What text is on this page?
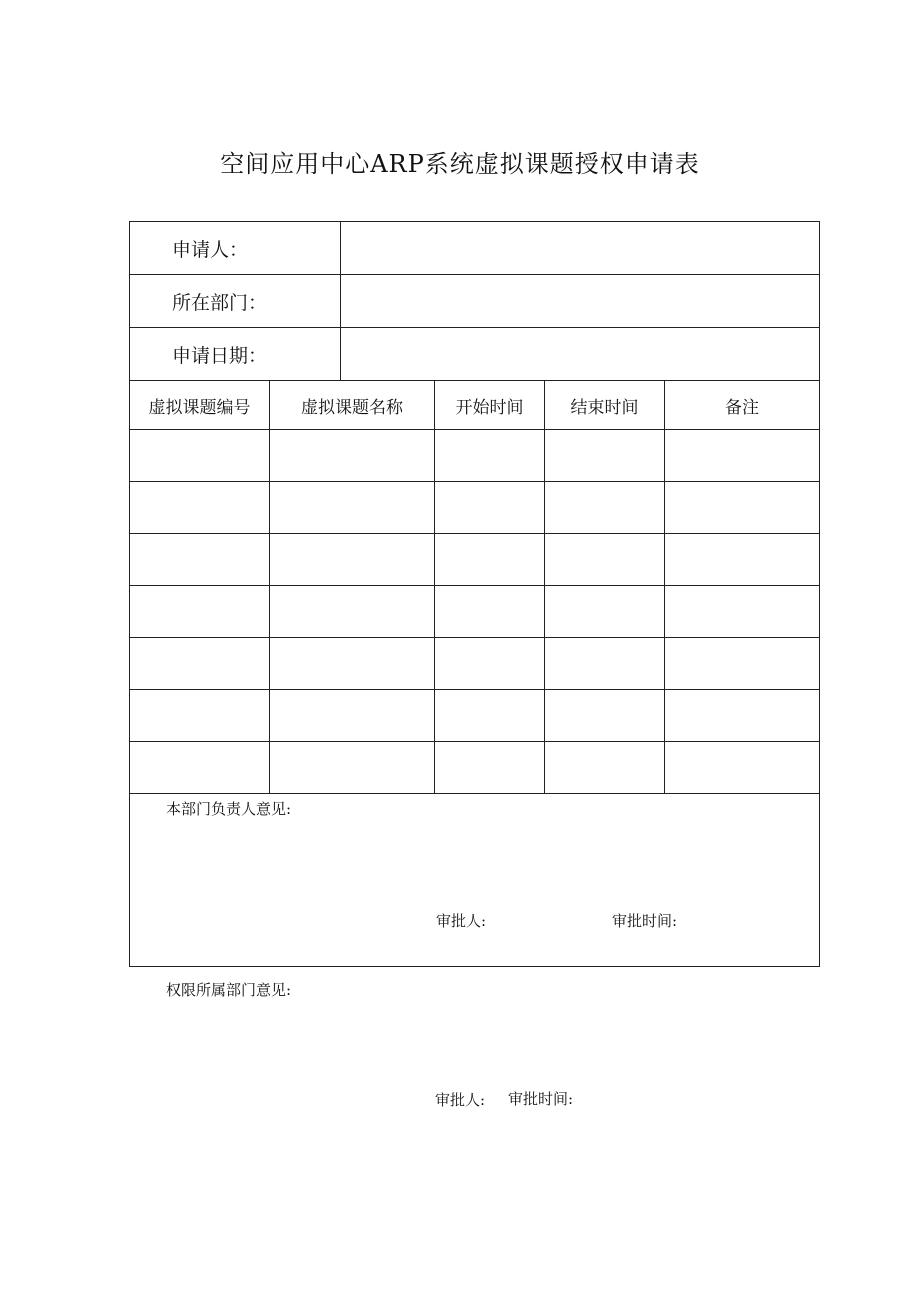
空间应用中心ARP系统虚拟课题授权申请表
申请人：					
所在部门：					
申请日期：					
虚拟课题编号	虚拟课题名称		开始时间	结束时间	备注

本部门负责人意见:
审批人: 审批时间:					
权限所属部门意见:
审批人: 审批时间:
